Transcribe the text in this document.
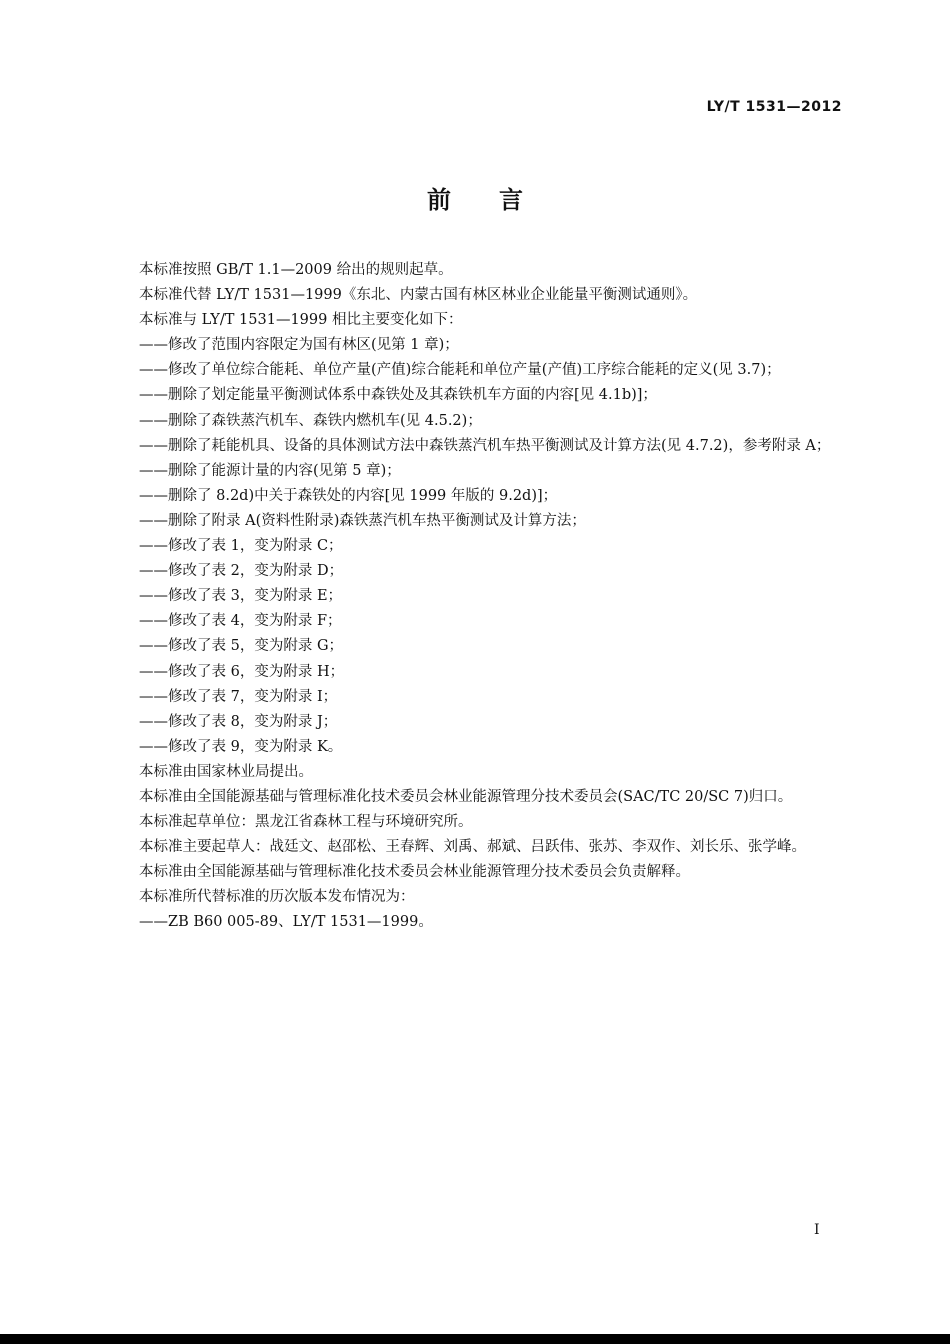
LY/T 1531—2012
前　　言

本标准按照 GB/T 1.1—2009 给出的规则起草。

本标准代替 LY/T 1531—1999《东北、内蒙古国有林区林业企业能量平衡测试通则》。

本标准与 LY/T 1531—1999 相比主要变化如下：

——修改了范围内容限定为国有林区(见第 1 章)；

——修改了单位综合能耗、单位产量(产值)综合能耗和单位产量(产值)工序综合能耗的定义(见 3.7)；

——删除了划定能量平衡测试体系中森铁处及其森铁机车方面的内容[见 4.1b)]；

——删除了森铁蒸汽机车、森铁内燃机车(见 4.5.2)；

——删除了耗能机具、设备的具体测试方法中森铁蒸汽机车热平衡测试及计算方法(见 4.7.2)，参考附录 A；

——删除了能源计量的内容(见第 5 章)；

——删除了 8.2d)中关于森铁处的内容[见 1999 年版的 9.2d)]；

——删除了附录 A(资料性附录)森铁蒸汽机车热平衡测试及计算方法；

——修改了表 1，变为附录 C；

——修改了表 2，变为附录 D；

——修改了表 3，变为附录 E；

——修改了表 4，变为附录 F；

——修改了表 5，变为附录 G；

——修改了表 6，变为附录 H；

——修改了表 7，变为附录 I；

——修改了表 8，变为附录 J；

——修改了表 9，变为附录 K。

本标准由国家林业局提出。

本标准由全国能源基础与管理标准化技术委员会林业能源管理分技术委员会(SAC/TC 20/SC 7)归口。

本标准起草单位：黑龙江省森林工程与环境研究所。

本标准主要起草人：战廷文、赵邵松、王春辉、刘禹、郝斌、吕跃伟、张苏、李双作、刘长乐、张学峰。

本标准由全国能源基础与管理标准化技术委员会林业能源管理分技术委员会负责解释。

本标准所代替标准的历次版本发布情况为：

——ZB B60 005-89、LY/T 1531—1999。

I
